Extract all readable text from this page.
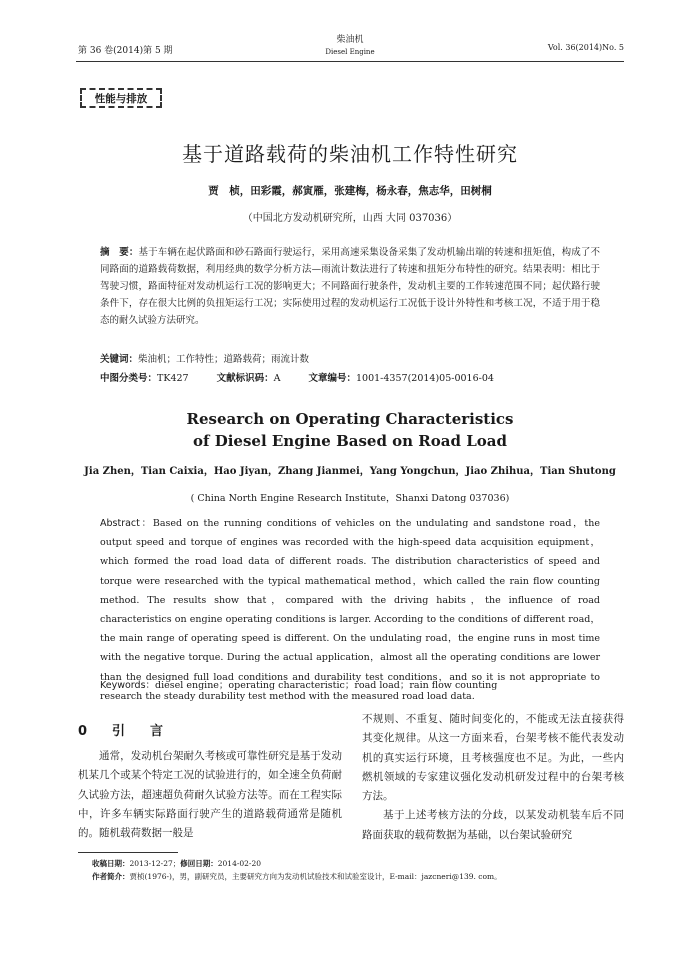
第 36 卷(2014)第 5 期
柴油机
Diesel Engine	Vol. 36(2014)No. 5
性能与排放
基于道路载荷的柴油机工作特性研究
贾　桢，田彩霞，郝寅雁，张建梅，杨永春，焦志华，田树桐
（中国北方发动机研究所，山西 大同 037036）
摘　要：基于车辆在起伏路面和砂石路面行驶运行，采用高速采集设备采集了发动机输出端的转速和扭矩值，构成了不同路面的道路载荷数据，利用经典的数学分析方法—雨流计数法进行了转速和扭矩分布特性的研究。结果表明：相比于驾驶习惯，路面特征对发动机运行工况的影响更大；不同路面行驶条件，发动机主要的工作转速范围不同；起伏路行驶条件下，存在很大比例的负扭矩运行工况；实际使用过程的发动机运行工况低于设计外特性和考核工况，不适于用于稳态的耐久试验方法研究。
关键词：柴油机；工作特性；道路载荷；雨流计数
中图分类号：TK427	文献标识码：A	文章编号：1001-4357(2014)05-0016-04
Research on Operating Characteristics
of Diesel Engine Based on Road Load
Jia Zhen，Tian Caixia，Hao Jiyan，Zhang Jianmei，Yang Yongchun，Jiao Zhihua，Tian Shutong
( China North Engine Research Institute，Shanxi Datong 037036)
Abstract：Based on the running conditions of vehicles on the undulating and sandstone road，the output speed and torque of engines was recorded with the high-speed data acquisition equipment，which formed the road load data of different roads. The distribution characteristics of speed and torque were researched with the typical mathematical method，which called the rain flow counting method. The results show that，compared with the driving habits，the influence of road characteristics on engine operating conditions is larger. According to the conditions of different road，the main range of operating speed is different. On the undulating road，the engine runs in most time with the negative torque. During the actual application，almost all the operating conditions are lower than the designed full load conditions and durability test conditions，and so it is not appropriate to research the steady durability test method with the measured road load data.
Keywords：diesel engine；operating characteristic；road load；rain flow counting
0　引　言

通常，发动机台架耐久考核或可靠性研究是基于发动机某几个或某个特定工况的试验进行的，如全速全负荷耐久试验方法，超速超负荷耐久试验方法等。而在工程实际中，许多车辆实际路面行驶产生的道路载荷通常是随机的。随机载荷数据一般是

不规则、不重复、随时间变化的，不能或无法直接获得其变化规律。从这一方面来看，台架考核不能代表发动机的真实运行环境，且考核强度也不足。为此，一些内燃机领域的专家建议强化发动机研发过程中的台架考核方法。

基于上述考核方法的分歧，以某发动机装车后不同路面获取的载荷数据为基础，以台架试验研究

收稿日期：2013-12-27；修回日期：2014-02-20
作者简介：贾桢(1976-)，男，副研究员，主要研究方向为发动机试验技术和试验室设计，E-mail：jazcneri@139. com。
